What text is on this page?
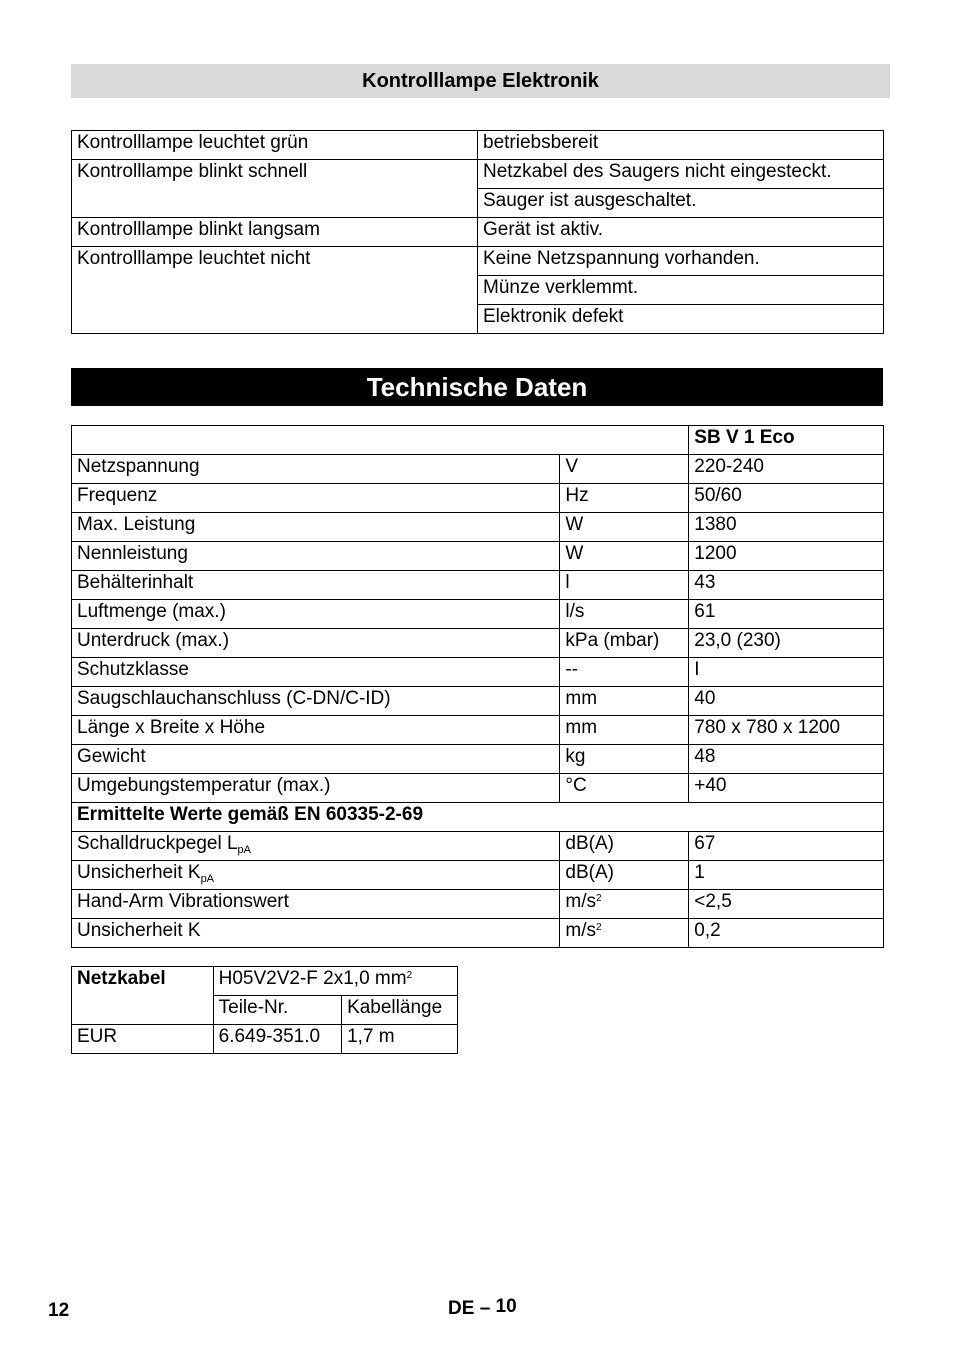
Kontrolllampe Elektronik
Kontrolllampe leuchtet grün	betriebsbereit
Kontrolllampe blinkt schnell	Netzkabel des Saugers nicht eingesteckt.
	Sauger ist ausgeschaltet.
Kontrolllampe blinkt langsam	Gerät ist aktiv.
Kontrolllampe leuchtet nicht	Keine Netzspannung vorhanden.
	Münze verklemmt.
	Elektronik defekt
Technische Daten
		SB V 1 Eco
Netzspannung	V	220-240
Frequenz	Hz	50/60
Max. Leistung	W	1380
Nennleistung	W	1200
Behälterinhalt	l	43
Luftmenge (max.)	l/s	61
Unterdruck (max.)	kPa (mbar)	23,0 (230)
Schutzklasse	--	I
Saugschlauchanschluss (C-DN/C-ID)	mm	40
Länge x Breite x Höhe	mm	780 x 780 x 1200
Gewicht	kg	48
Umgebungstemperatur (max.)	°C	+40
Ermittelte Werte gemäß EN 60335-2-69		
Schalldruckpegel $L_{pA}$	dB(A)	67
Unsicherheit $K_{pA}$	dB(A)	1
Hand-Arm Vibrationswert	$m/s^2$	<2,5
Unsicherheit K	$m/s^2$	0,2
Netzkabel	H05V2V2-F 2x1,0 $mm^2$
	Teile-Nr.	Kabellänge
EUR	6.649-351.0	1,7 m
12	DE – 10
